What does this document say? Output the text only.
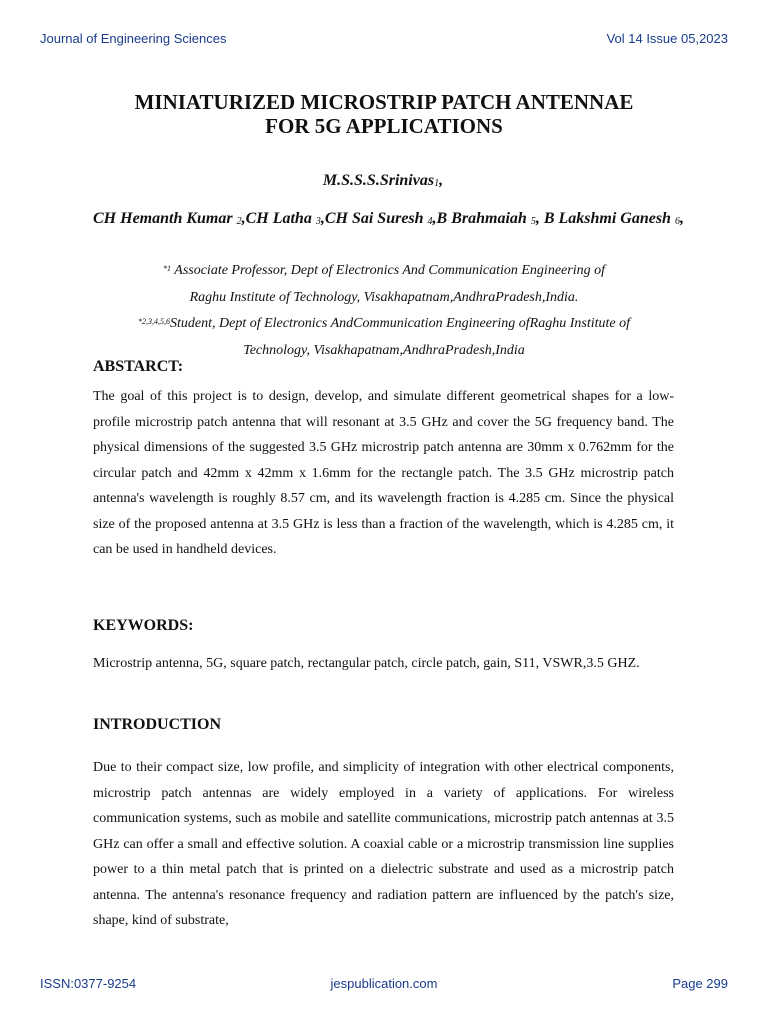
Journal of Engineering Sciences	Vol 14 Issue 05,2023
MINIATURIZED MICROSTRIP PATCH ANTENNAE
FOR 5G APPLICATIONS
M.S.S.S.Srinivas$_1$,
CH Hemanth Kumar $_2$,CH Latha $_3$,CH Sai Suresh $_4$,B Brahmaiah $_5$, B Lakshmi Ganesh $_6$,
$^{*1}$ Associate Professor, Dept of Electronics And Communication Engineering of
Raghu Institute of Technology, Visakhapatnam,AndhraPradesh,India.
$^{*2,3,4,5,6}$Student, Dept of Electronics AndCommunication Engineering ofRaghu Institute of
Technology, Visakhapatnam,AndhraPradesh,India
ABSTARCT:
The goal of this project is to design, develop, and simulate different geometrical shapes for a low-profile microstrip patch antenna that will resonant at 3.5 GHz and cover the 5G frequency band. The physical dimensions of the suggested 3.5 GHz microstrip patch antenna are 30mm x 0.762mm for the circular patch and 42mm x 42mm x 1.6mm for the rectangle patch. The 3.5 GHz microstrip patch antenna's wavelength is roughly 8.57 cm, and its wavelength fraction is 4.285 cm. Since the physical size of the proposed antenna at 3.5 GHz is less than a fraction of the wavelength, which is 4.285 cm, it can be used in handheld devices.
KEYWORDS:
Microstrip antenna, 5G, square patch, rectangular patch, circle patch, gain, S11, VSWR,3.5 GHZ.
INTRODUCTION
Due to their compact size, low profile, and simplicity of integration with other electrical components, microstrip patch antennas are widely employed in a variety of applications. For wireless communication systems, such as mobile and satellite communications, microstrip patch antennas at 3.5 GHz can offer a small and effective solution. A coaxial cable or a microstrip transmission line supplies power to a thin metal patch that is printed on a dielectric substrate and used as a microstrip patch antenna. The antenna's resonance frequency and radiation pattern are influenced by the patch's size, shape, kind of substrate,
ISSN:0377-9254	jespublication.com	Page 299
